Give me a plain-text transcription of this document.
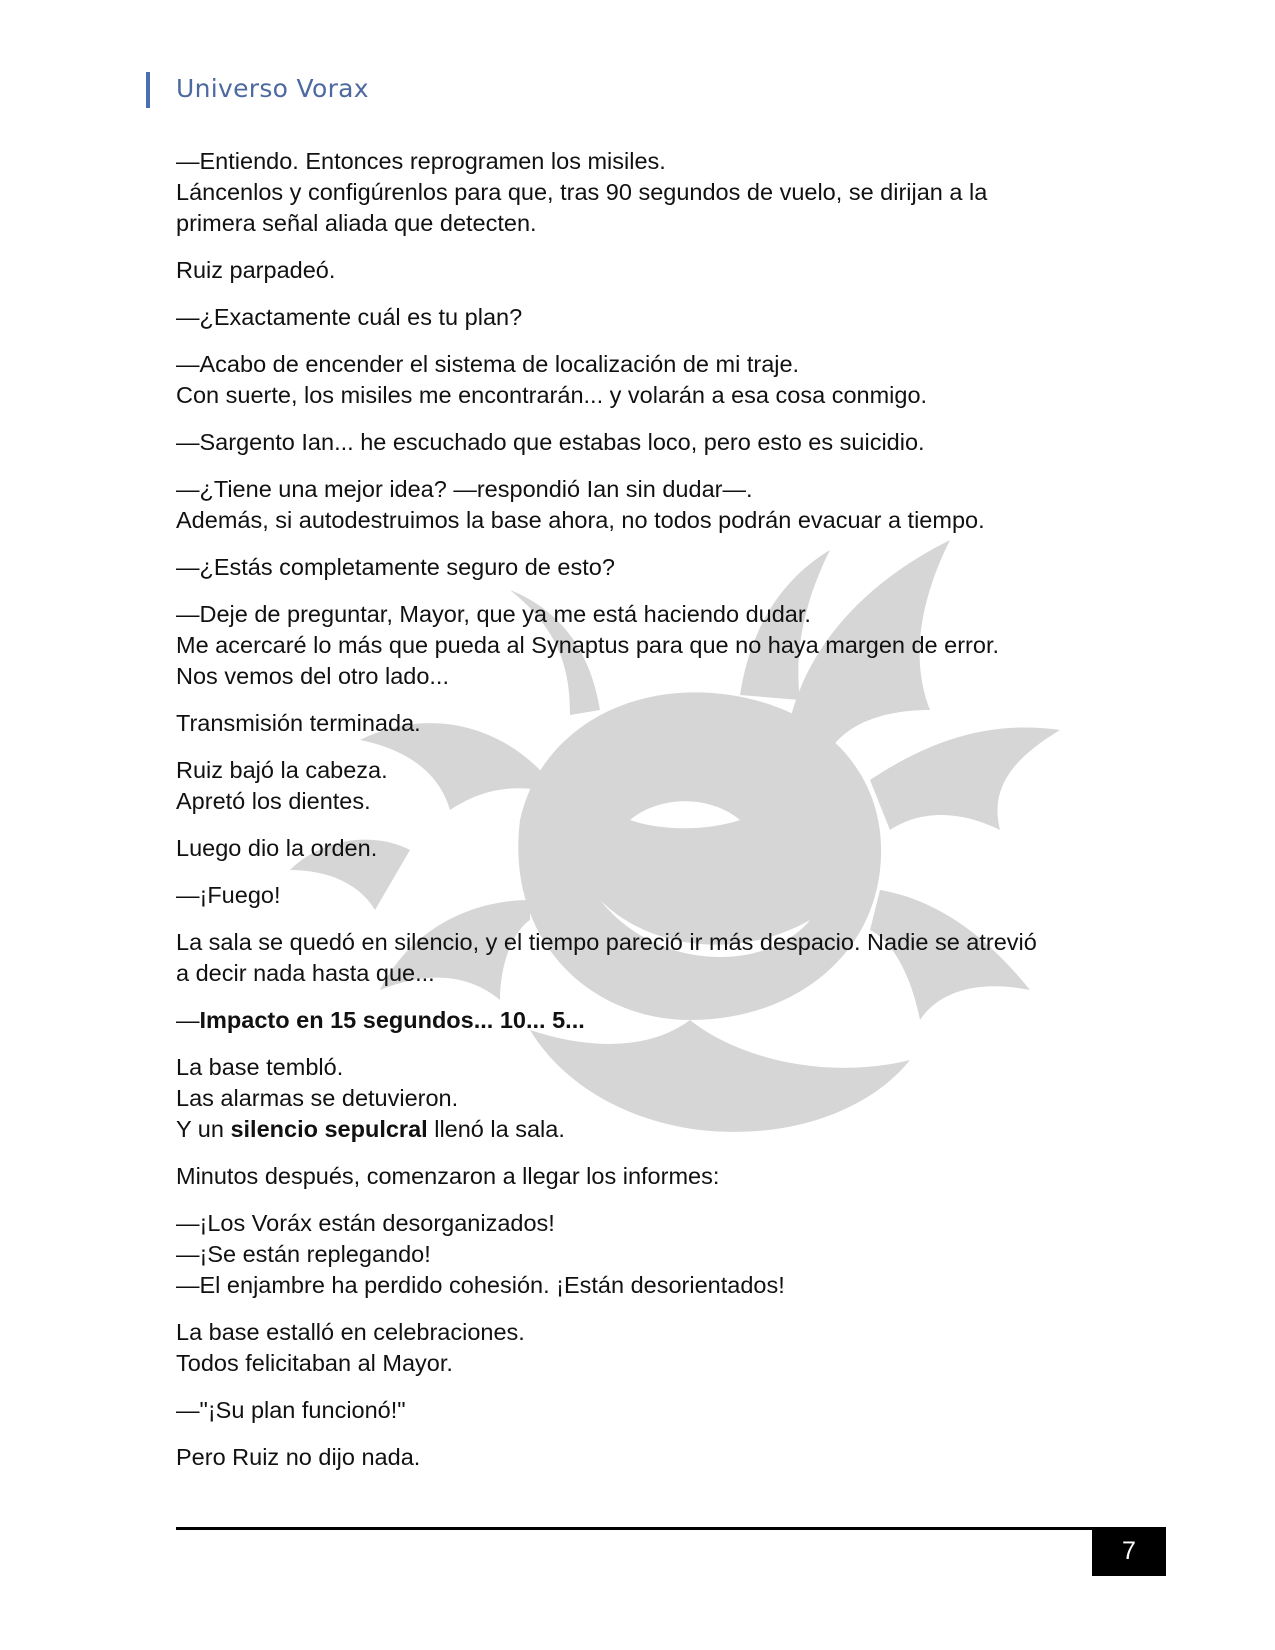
Universo Vorax

—Entiendo. Entonces reprogramen los misiles.
Láncenlos y configúrenlos para que, tras 90 segundos de vuelo, se dirijan a la
primera señal aliada que detecten.

Ruiz parpadeó.

—¿Exactamente cuál es tu plan?

—Acabo de encender el sistema de localización de mi traje.
Con suerte, los misiles me encontrarán... y volarán a esa cosa conmigo.

—Sargento Ian... he escuchado que estabas loco, pero esto es suicidio.

—¿Tiene una mejor idea? —respondió Ian sin dudar—.
Además, si autodestruimos la base ahora, no todos podrán evacuar a tiempo.

—¿Estás completamente seguro de esto?

—Deje de preguntar, Mayor, que ya me está haciendo dudar.
Me acercaré lo más que pueda al Synaptus para que no haya margen de error.
Nos vemos del otro lado...

Transmisión terminada.

Ruiz bajó la cabeza.
Apretó los dientes.

Luego dio la orden.

—¡Fuego!

La sala se quedó en silencio, y el tiempo pareció ir más despacio. Nadie se atrevió
a decir nada hasta que...

—Impacto en 15 segundos... 10... 5...

La base tembló.
Las alarmas se detuvieron.
Y un silencio sepulcral llenó la sala.

Minutos después, comenzaron a llegar los informes:

—¡Los Voráx están desorganizados!
—¡Se están replegando!
—El enjambre ha perdido cohesión. ¡Están desorientados!

La base estalló en celebraciones.
Todos felicitaban al Mayor.

—"¡Su plan funcionó!"

Pero Ruiz no dijo nada.

7
